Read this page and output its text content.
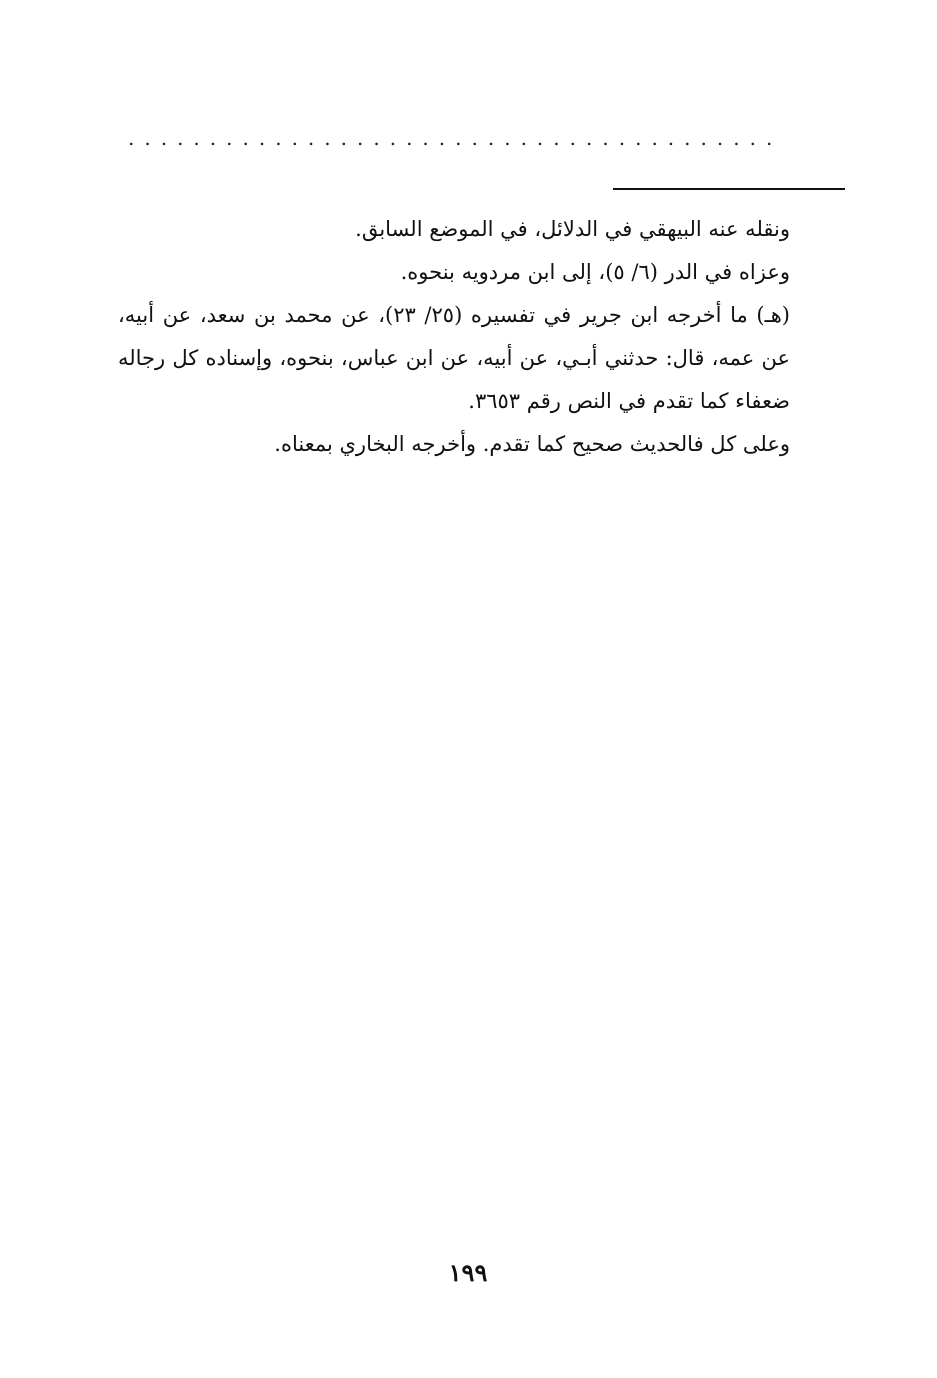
........................................

ونقله عنه البيهقي في الدلائل، في الموضع السابق.

وعزاه في الدر (٦/ ٥)، إلى ابن مردويه بنحوه.

(هـ) ما أخرجه ابن جرير في تفسيره (٢٥/ ٢٣)، عن محمد بن سعد، عن أبيه، عن عمه، قال: حدثني أبـي، عن أبيه، عن ابن عباس، بنحوه، وإسناده كل رجاله ضعفاء كما تقدم في النص رقم ٣٦٥٣.

وعلى كل فالحديث صحيح كما تقدم. وأخرجه البخاري بمعناه.

١٩٩
